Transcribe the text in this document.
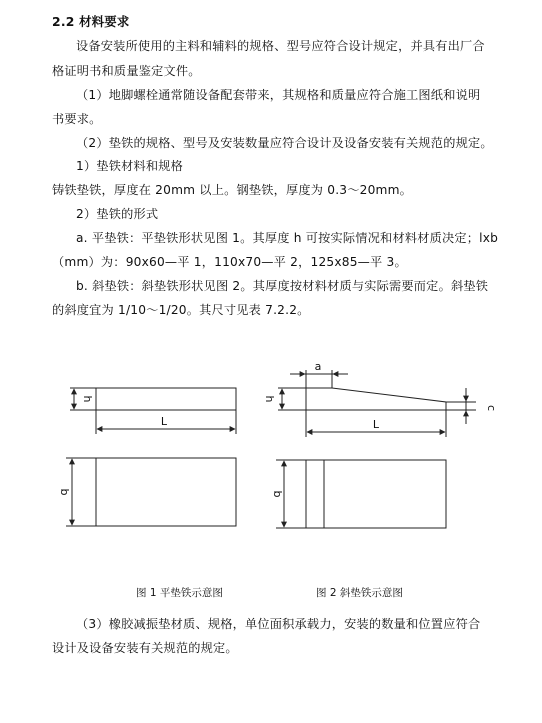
2.2 材料要求
设备安装所使用的主料和辅料的规格、型号应符合设计规定，并具有出厂合
格证明书和质量鉴定文件。
（1）地脚螺栓通常随设备配套带来，其规格和质量应符合施工图纸和说明
书要求。
（2）垫铁的规格、型号及安装数量应符合设计及设备安装有关规范的规定。
1）垫铁材料和规格
铸铁垫铁，厚度在 20mm 以上。钢垫铁，厚度为 0.3～20mm。
2）垫铁的形式
a. 平垫铁：平垫铁形状见图 1。其厚度 h 可按实际情况和材料材质决定；lxb
（mm）为：90x60—平 1，110x70—平 2，125x85—平 3。
b. 斜垫铁：斜垫铁形状见图 2。其厚度按材料材质与实际需要而定。斜垫铁
的斜度宜为 1/10～1/20。其尺寸见表 7.2.2。
h
L
b
a
h
L
c
b
图 1 平垫铁示意图	图 2 斜垫铁示意图
（3）橡胶减振垫材质、规格，单位面积承载力，安装的数量和位置应符合
设计及设备安装有关规范的规定。
